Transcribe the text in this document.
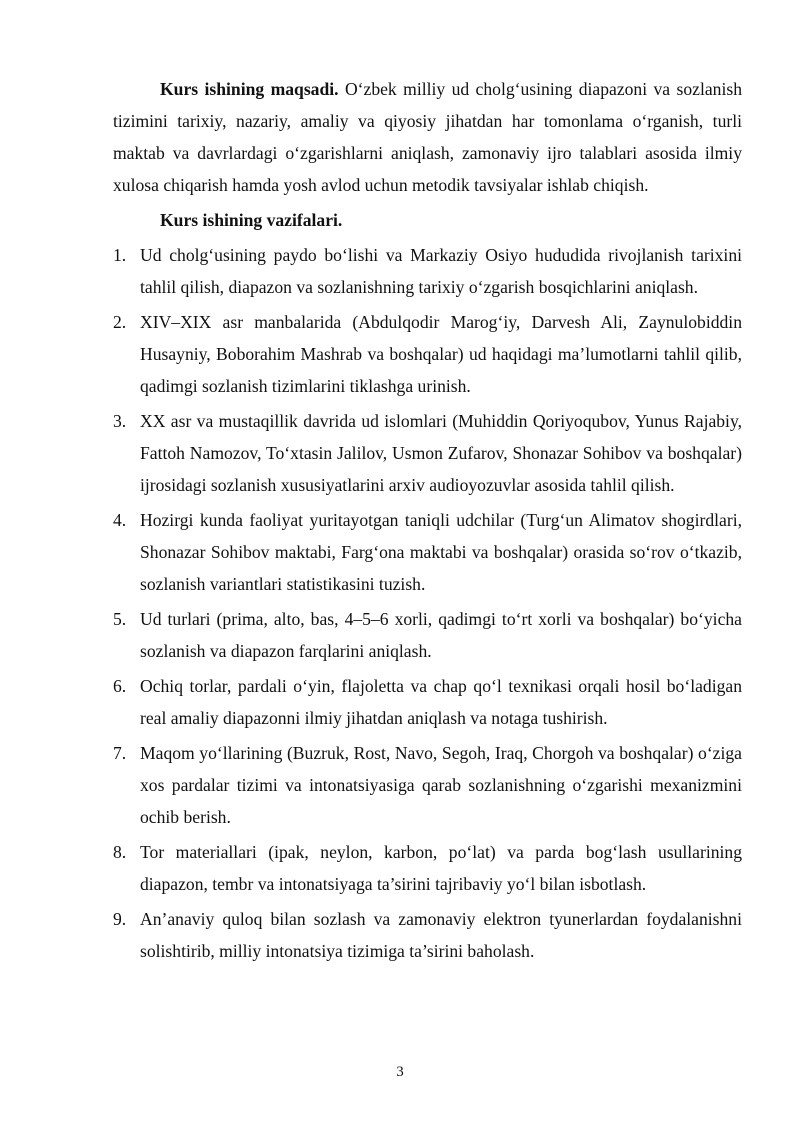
Kurs ishining maqsadi. O‘zbek milliy ud cholg‘usining diapazoni va sozlanish tizimini tarixiy, nazariy, amaliy va qiyosiy jihatdan har tomonlama o‘rganish, turli maktab va davrlardagi o‘zgarishlarni aniqlash, zamonaviy ijro talablari asosida ilmiy xulosa chiqarish hamda yosh avlod uchun metodik tavsiyalar ishlab chiqish.

Kurs ishining vazifalari.

1. Ud cholg‘usining paydo bo‘lishi va Markaziy Osiyo hududida rivojlanish tarixini tahlil qilish, diapazon va sozlanishning tarixiy o‘zgarish bosqichlarini aniqlash.
2. XIV–XIX asr manbalarida (Abdulqodir Marog‘iy, Darvesh Ali, Zaynulobiddin Husayniy, Boborahim Mashrab va boshqalar) ud haqidagi ma’lumotlarni tahlil qilib, qadimgi sozlanish tizimlarini tiklashga urinish.
3. XX asr va mustaqillik davrida ud islomlari (Muhiddin Qoriyoqubov, Yunus Rajabiy, Fattoh Namozov, To‘xtasin Jalilov, Usmon Zufarov, Shonazar Sohibov va boshqalar) ijrosidagi sozlanish xususiyatlarini arxiv audioyozuvlar asosida tahlil qilish.
4. Hozirgi kunda faoliyat yuritayotgan taniqli udchilar (Turg‘un Alimatov shogirdlari, Shonazar Sohibov maktabi, Farg‘ona maktabi va boshqalar) orasida so‘rov o‘tkazib, sozlanish variantlari statistikasini tuzish.
5. Ud turlari (prima, alto, bas, 4–5–6 xorli, qadimgi to‘rt xorli va boshqalar) bo‘yicha sozlanish va diapazon farqlarini aniqlash.
6. Ochiq torlar, pardali o‘yin, flajoletta va chap qo‘l texnikasi orqali hosil bo‘ladigan real amaliy diapazonni ilmiy jihatdan aniqlash va notaga tushirish.
7. Maqom yo‘llarining (Buzruk, Rost, Navo, Segoh, Iraq, Chorgoh va boshqalar) o‘ziga xos pardalar tizimi va intonatsiyasiga qarab sozlanishning o‘zgarishi mexanizmini ochib berish.
8. Tor materiallari (ipak, neylon, karbon, po‘lat) va parda bog‘lash usullarining diapazon, tembr va intonatsiyaga ta’sirini tajribaviy yo‘l bilan isbotlash.
9. An’anaviy quloq bilan sozlash va zamonaviy elektron tyunerlardan foydalanishni solishtirib, milliy intonatsiya tizimiga ta’sirini baholash.
3
